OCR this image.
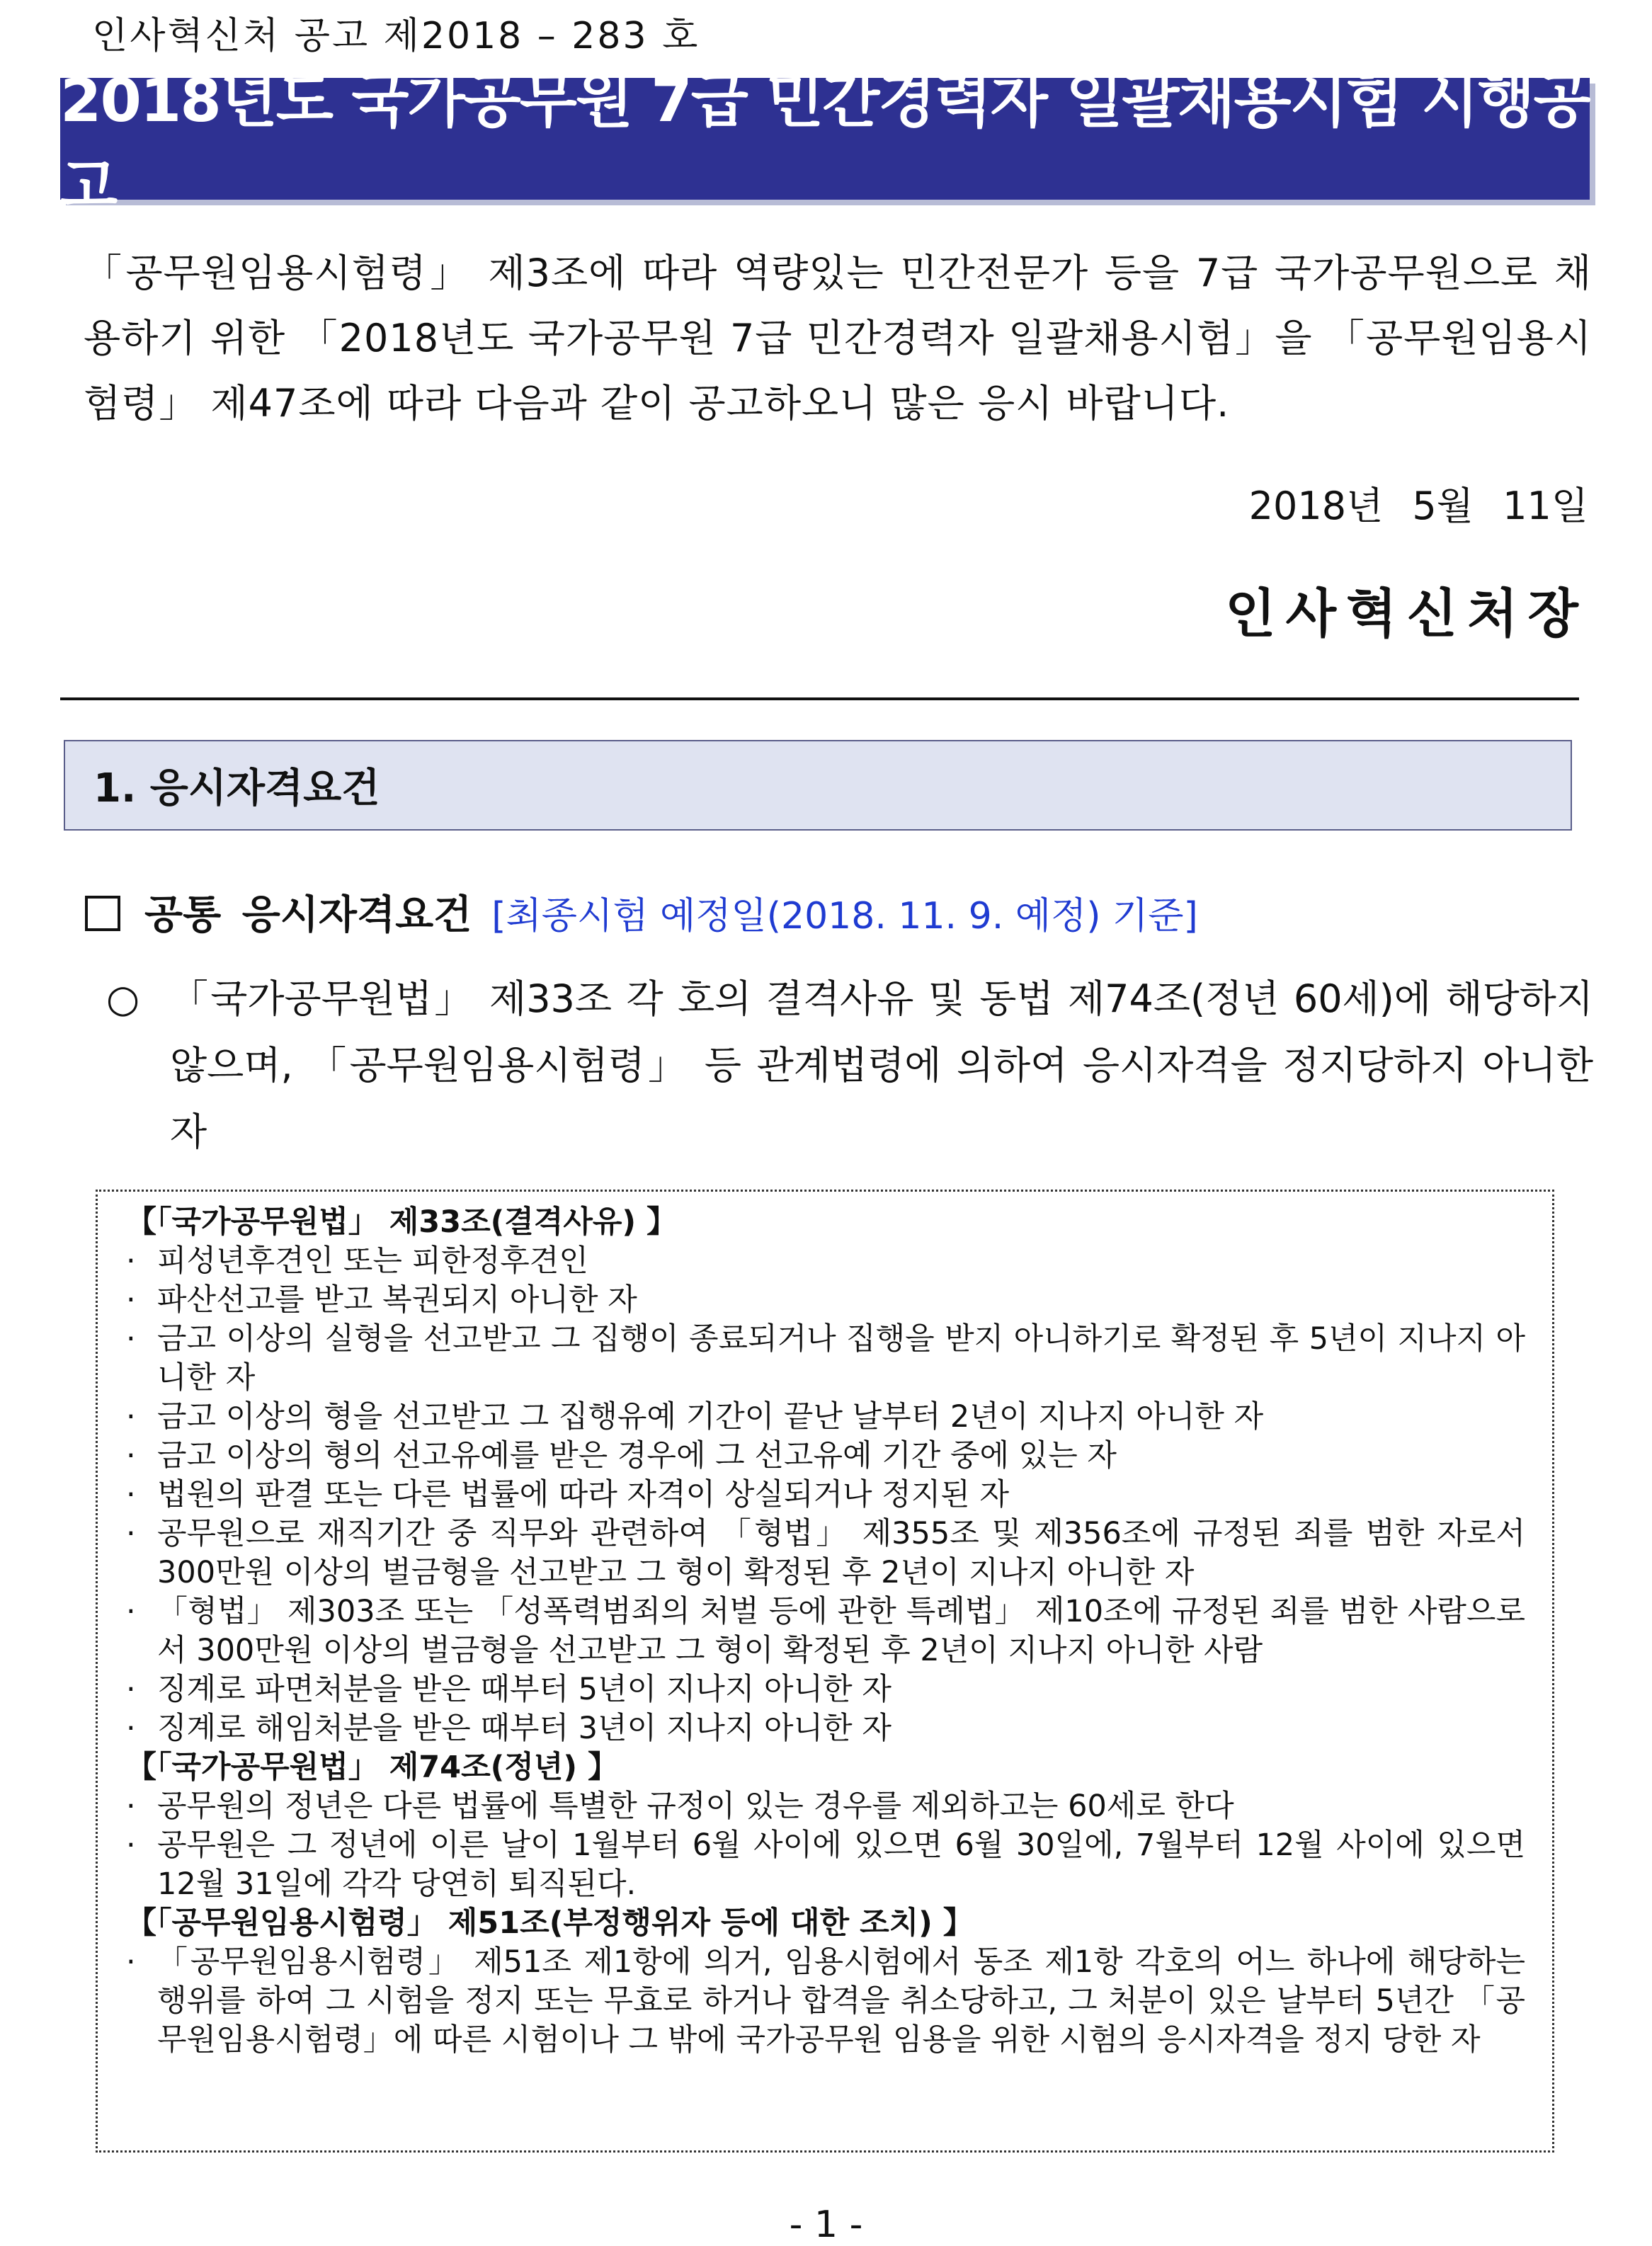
인사혁신처 공고 제2018 – 283 호
2018년도 국가공무원 7급 민간경력자 일괄채용시험 시행공고
「공무원임용시험령」 제3조에 따라 역량있는 민간전문가 등을 7급 국가공무원으로 채용하기 위한 「2018년도 국가공무원 7급 민간경력자 일괄채용시험」을 「공무원임용시험령」 제47조에 따라 다음과 같이 공고하오니 많은 응시 바랍니다.
2018년 5월 11일
인사혁신처장
1. 응시자격요건
공통 응시자격요건 [최종시험 예정일(2018. 11. 9. 예정) 기준]
○ 「국가공무원법」 제33조 각 호의 결격사유 및 동법 제74조(정년 60세)에 해당하지 않으며, 「공무원임용시험령」 등 관계법령에 의하여 응시자격을 정지당하지 아니한 자
【「국가공무원법」 제33조(결격사유) 】
· 피성년후견인 또는 피한정후견인
· 파산선고를 받고 복권되지 아니한 자
· 금고 이상의 실형을 선고받고 그 집행이 종료되거나 집행을 받지 아니하기로 확정된 후 5년이 지나지 아니한 자
· 금고 이상의 형을 선고받고 그 집행유예 기간이 끝난 날부터 2년이 지나지 아니한 자
· 금고 이상의 형의 선고유예를 받은 경우에 그 선고유예 기간 중에 있는 자
· 법원의 판결 또는 다른 법률에 따라 자격이 상실되거나 정지된 자
· 공무원으로 재직기간 중 직무와 관련하여 「형법」 제355조 및 제356조에 규정된 죄를 범한 자로서 300만원 이상의 벌금형을 선고받고 그 형이 확정된 후 2년이 지나지 아니한 자
· 「형법」 제303조 또는 「성폭력범죄의 처벌 등에 관한 특례법」 제10조에 규정된 죄를 범한 사람으로서 300만원 이상의 벌금형을 선고받고 그 형이 확정된 후 2년이 지나지 아니한 사람
· 징계로 파면처분을 받은 때부터 5년이 지나지 아니한 자
· 징계로 해임처분을 받은 때부터 3년이 지나지 아니한 자
【「국가공무원법」 제74조(정년) 】
· 공무원의 정년은 다른 법률에 특별한 규정이 있는 경우를 제외하고는 60세로 한다
· 공무원은 그 정년에 이른 날이 1월부터 6월 사이에 있으면 6월 30일에, 7월부터 12월 사이에 있으면 12월 31일에 각각 당연히 퇴직된다.
【「공무원임용시험령」 제51조(부정행위자 등에 대한 조치) 】
· 「공무원임용시험령」 제51조 제1항에 의거, 임용시험에서 동조 제1항 각호의 어느 하나에 해당하는 행위를 하여 그 시험을 정지 또는 무효로 하거나 합격을 취소당하고, 그 처분이 있은 날부터 5년간 「공무원임용시험령」에 따른 시험이나 그 밖에 국가공무원 임용을 위한 시험의 응시자격을 정지 당한 자
- 1 -
